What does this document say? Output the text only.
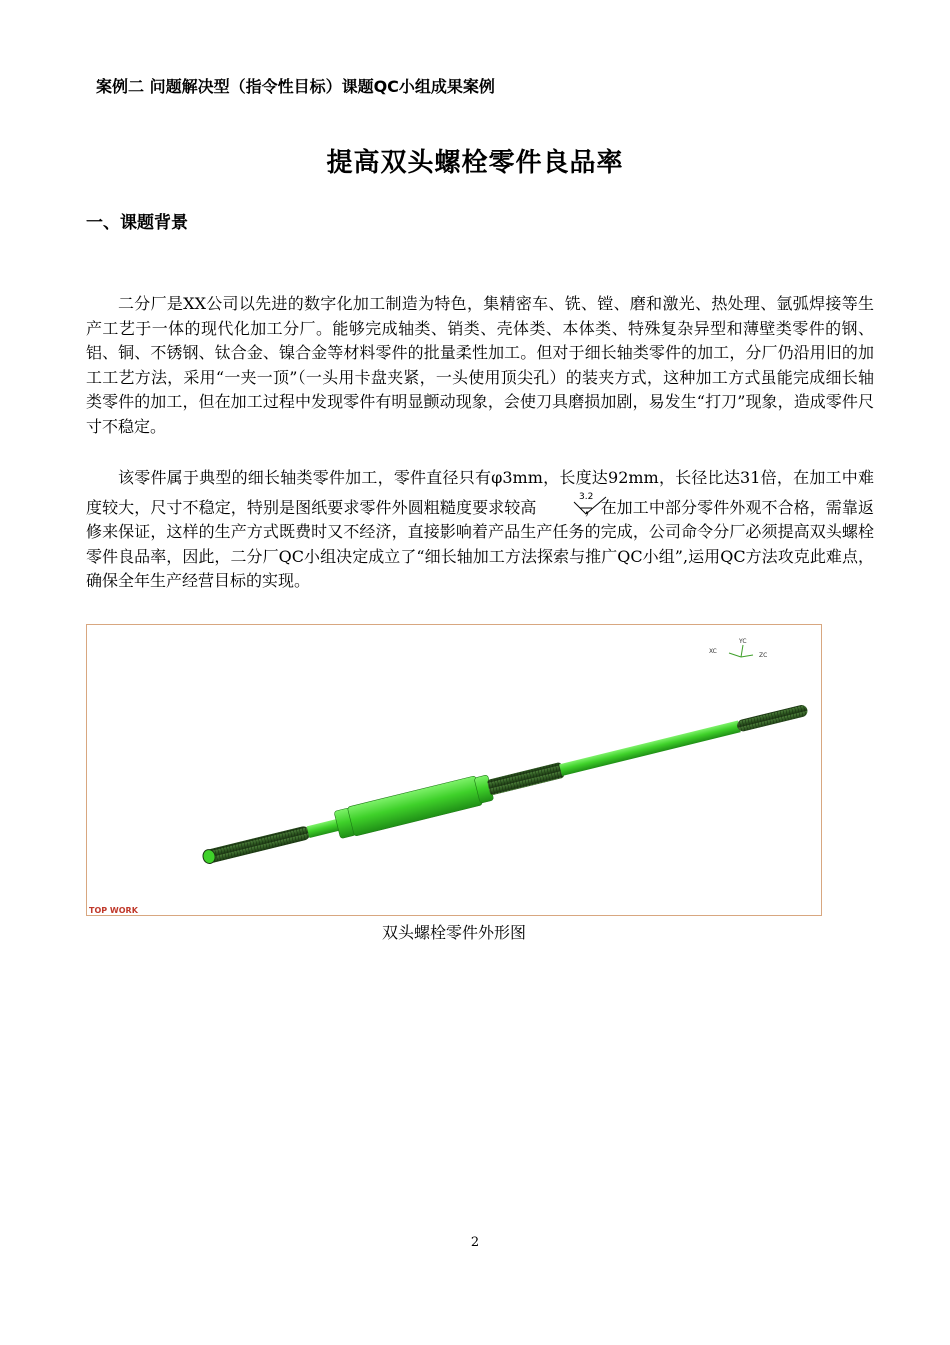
案例二 问题解决型（指令性目标）课题QC小组成果案例
提高双头螺栓零件良品率
一、课题背景

二分厂是XX公司以先进的数字化加工制造为特色，集精密车、铣、镗、磨和激光、热处理、氩弧焊接等生产工艺于一体的现代化加工分厂。能够完成轴类、销类、壳体类、本体类、特殊复杂异型和薄壁类零件的钢、铝、铜、不锈钢、钛合金、镍合金等材料零件的批量柔性加工。但对于细长轴类零件的加工，分厂仍沿用旧的加工工艺方法，采用“一夹一顶”（一头用卡盘夹紧，一头使用顶尖孔）的装夹方式，这种加工方式虽能完成细长轴类零件的加工，但在加工过程中发现零件有明显颤动现象，会使刀具磨损加剧，易发生“打刀”现象，造成零件尺寸不稳定。

该零件属于典型的细长轴类零件加工，零件直径只有φ3mm，长度达92mm，长径比达31倍，在加工中难度较大，尺寸不稳定，特别是图纸要求零件外圆粗糙度要求较高
3.2
，在加工中部分零件外观不合格，需靠返修来保证，这样的生产方式既费时又不经济，直接影响着产品生产任务的完成，公司命令分厂必须提高双头螺栓零件良品率，因此，二分厂QC小组决定成立了“细长轴加工方法探索与推广QC小组”,运用QC方法攻克此难点，确保全年生产经营目标的实现。

XC
YC
ZC
TOP WORK
双头螺栓零件外形图
2
